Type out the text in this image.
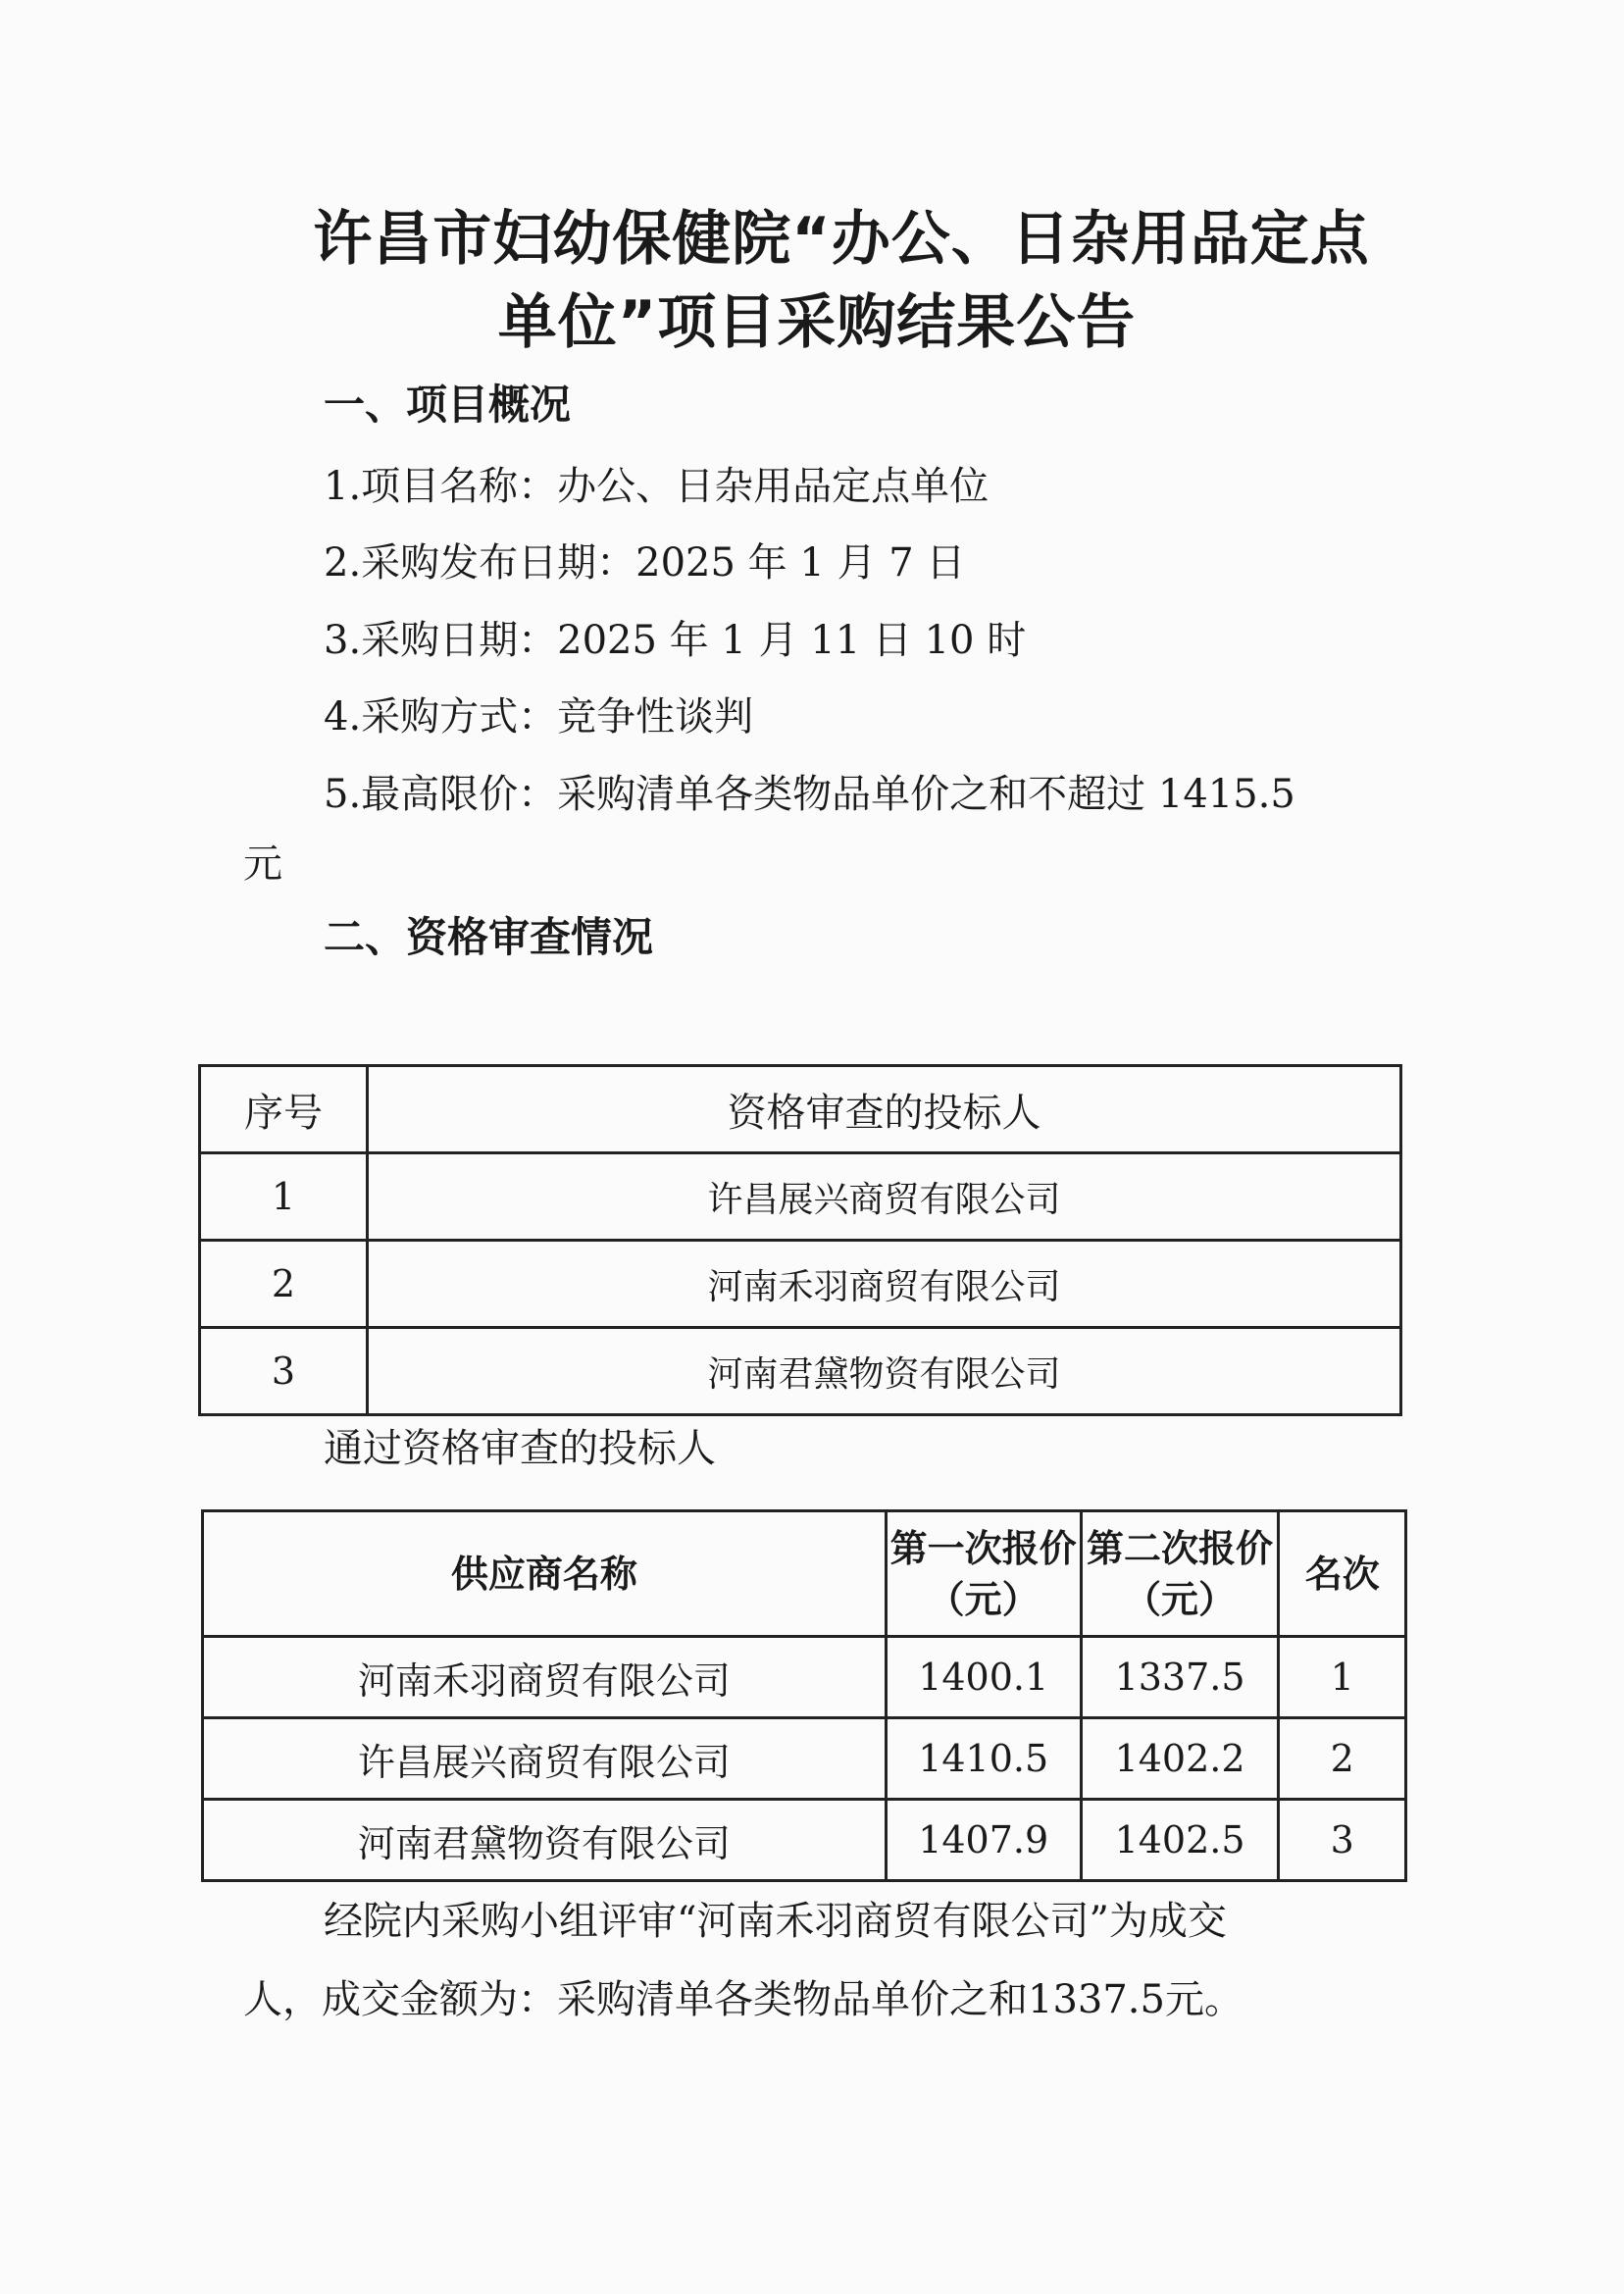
许昌市妇幼保健院“办公、日杂用品定点
单位”项目采购结果公告
一、项目概况
1.项目名称：办公、日杂用品定点单位
2.采购发布日期：2025 年 1 月 7 日
3.采购日期：2025 年 1 月 11 日 10 时
4.采购方式：竞争性谈判
5.最高限价：采购清单各类物品单价之和不超过 1415.5
元
二、资格审查情况
序号	资格审查的投标人
1	许昌展兴商贸有限公司
2	河南禾羽商贸有限公司
3	河南君黛物资有限公司
通过资格审查的投标人
供应商名称	第一次报价（元）	第二次报价（元）	名次
河南禾羽商贸有限公司	1400.1	1337.5	1
许昌展兴商贸有限公司	1410.5	1402.2	2
河南君黛物资有限公司	1407.9	1402.5	3
经院内采购小组评审“河南禾羽商贸有限公司”为成交
人，成交金额为：采购清单各类物品单价之和1337.5元。
